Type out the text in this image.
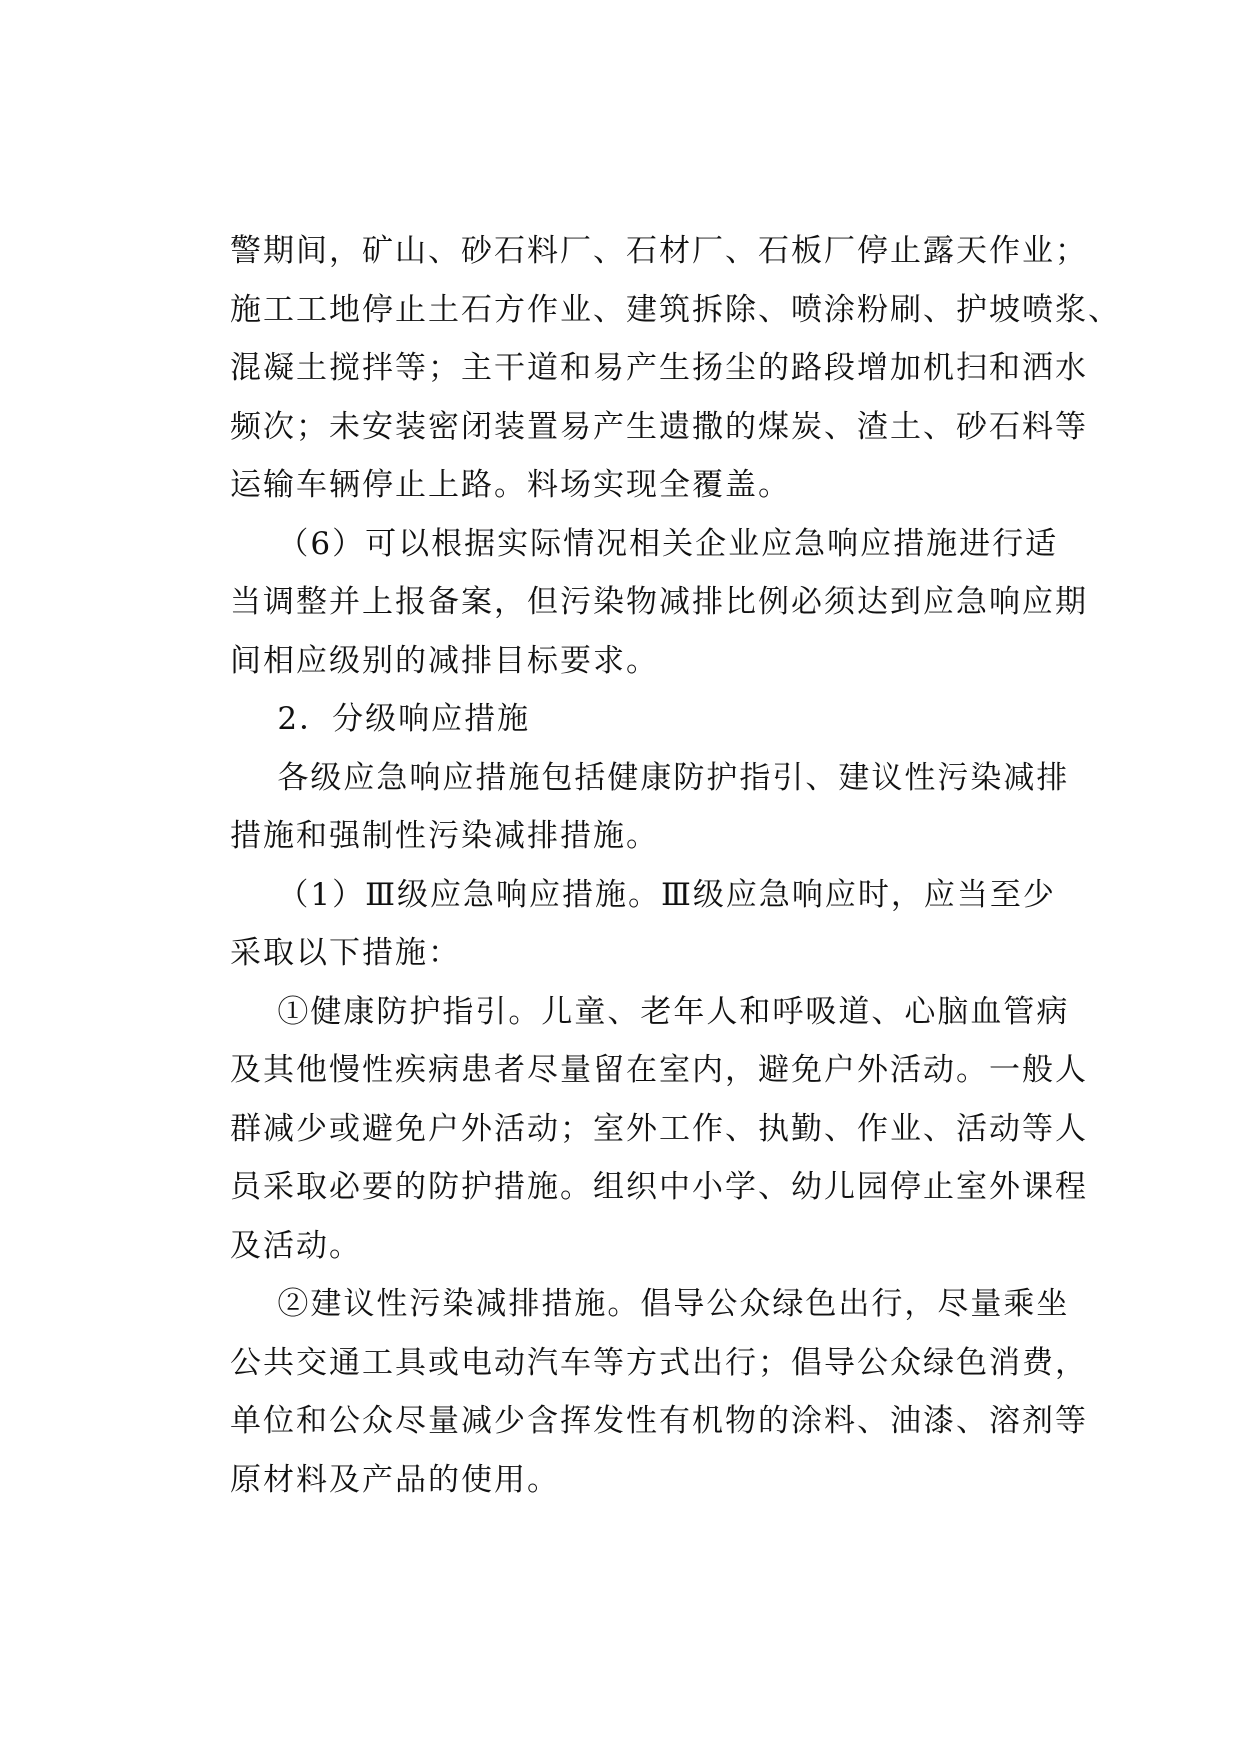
警期间，矿山、砂石料厂、石材厂、石板厂停止露天作业；
施工工地停止土石方作业、建筑拆除、喷涂粉刷、护坡喷浆、
混凝土搅拌等；主干道和易产生扬尘的路段增加机扫和洒水
频次；未安装密闭装置易产生遗撒的煤炭、渣土、砂石料等
运输车辆停止上路。料场实现全覆盖。
（6）可以根据实际情况相关企业应急响应措施进行适
当调整并上报备案，但污染物减排比例必须达到应急响应期
间相应级别的减排目标要求。
2．分级响应措施
各级应急响应措施包括健康防护指引、建议性污染减排
措施和强制性污染减排措施。
（1）Ⅲ级应急响应措施。Ⅲ级应急响应时，应当至少
采取以下措施：
①健康防护指引。儿童、老年人和呼吸道、心脑血管病
及其他慢性疾病患者尽量留在室内，避免户外活动。一般人
群减少或避免户外活动；室外工作、执勤、作业、活动等人
员采取必要的防护措施。组织中小学、幼儿园停止室外课程
及活动。
②建议性污染减排措施。倡导公众绿色出行，尽量乘坐
公共交通工具或电动汽车等方式出行；倡导公众绿色消费，
单位和公众尽量减少含挥发性有机物的涂料、油漆、溶剂等
原材料及产品的使用。
